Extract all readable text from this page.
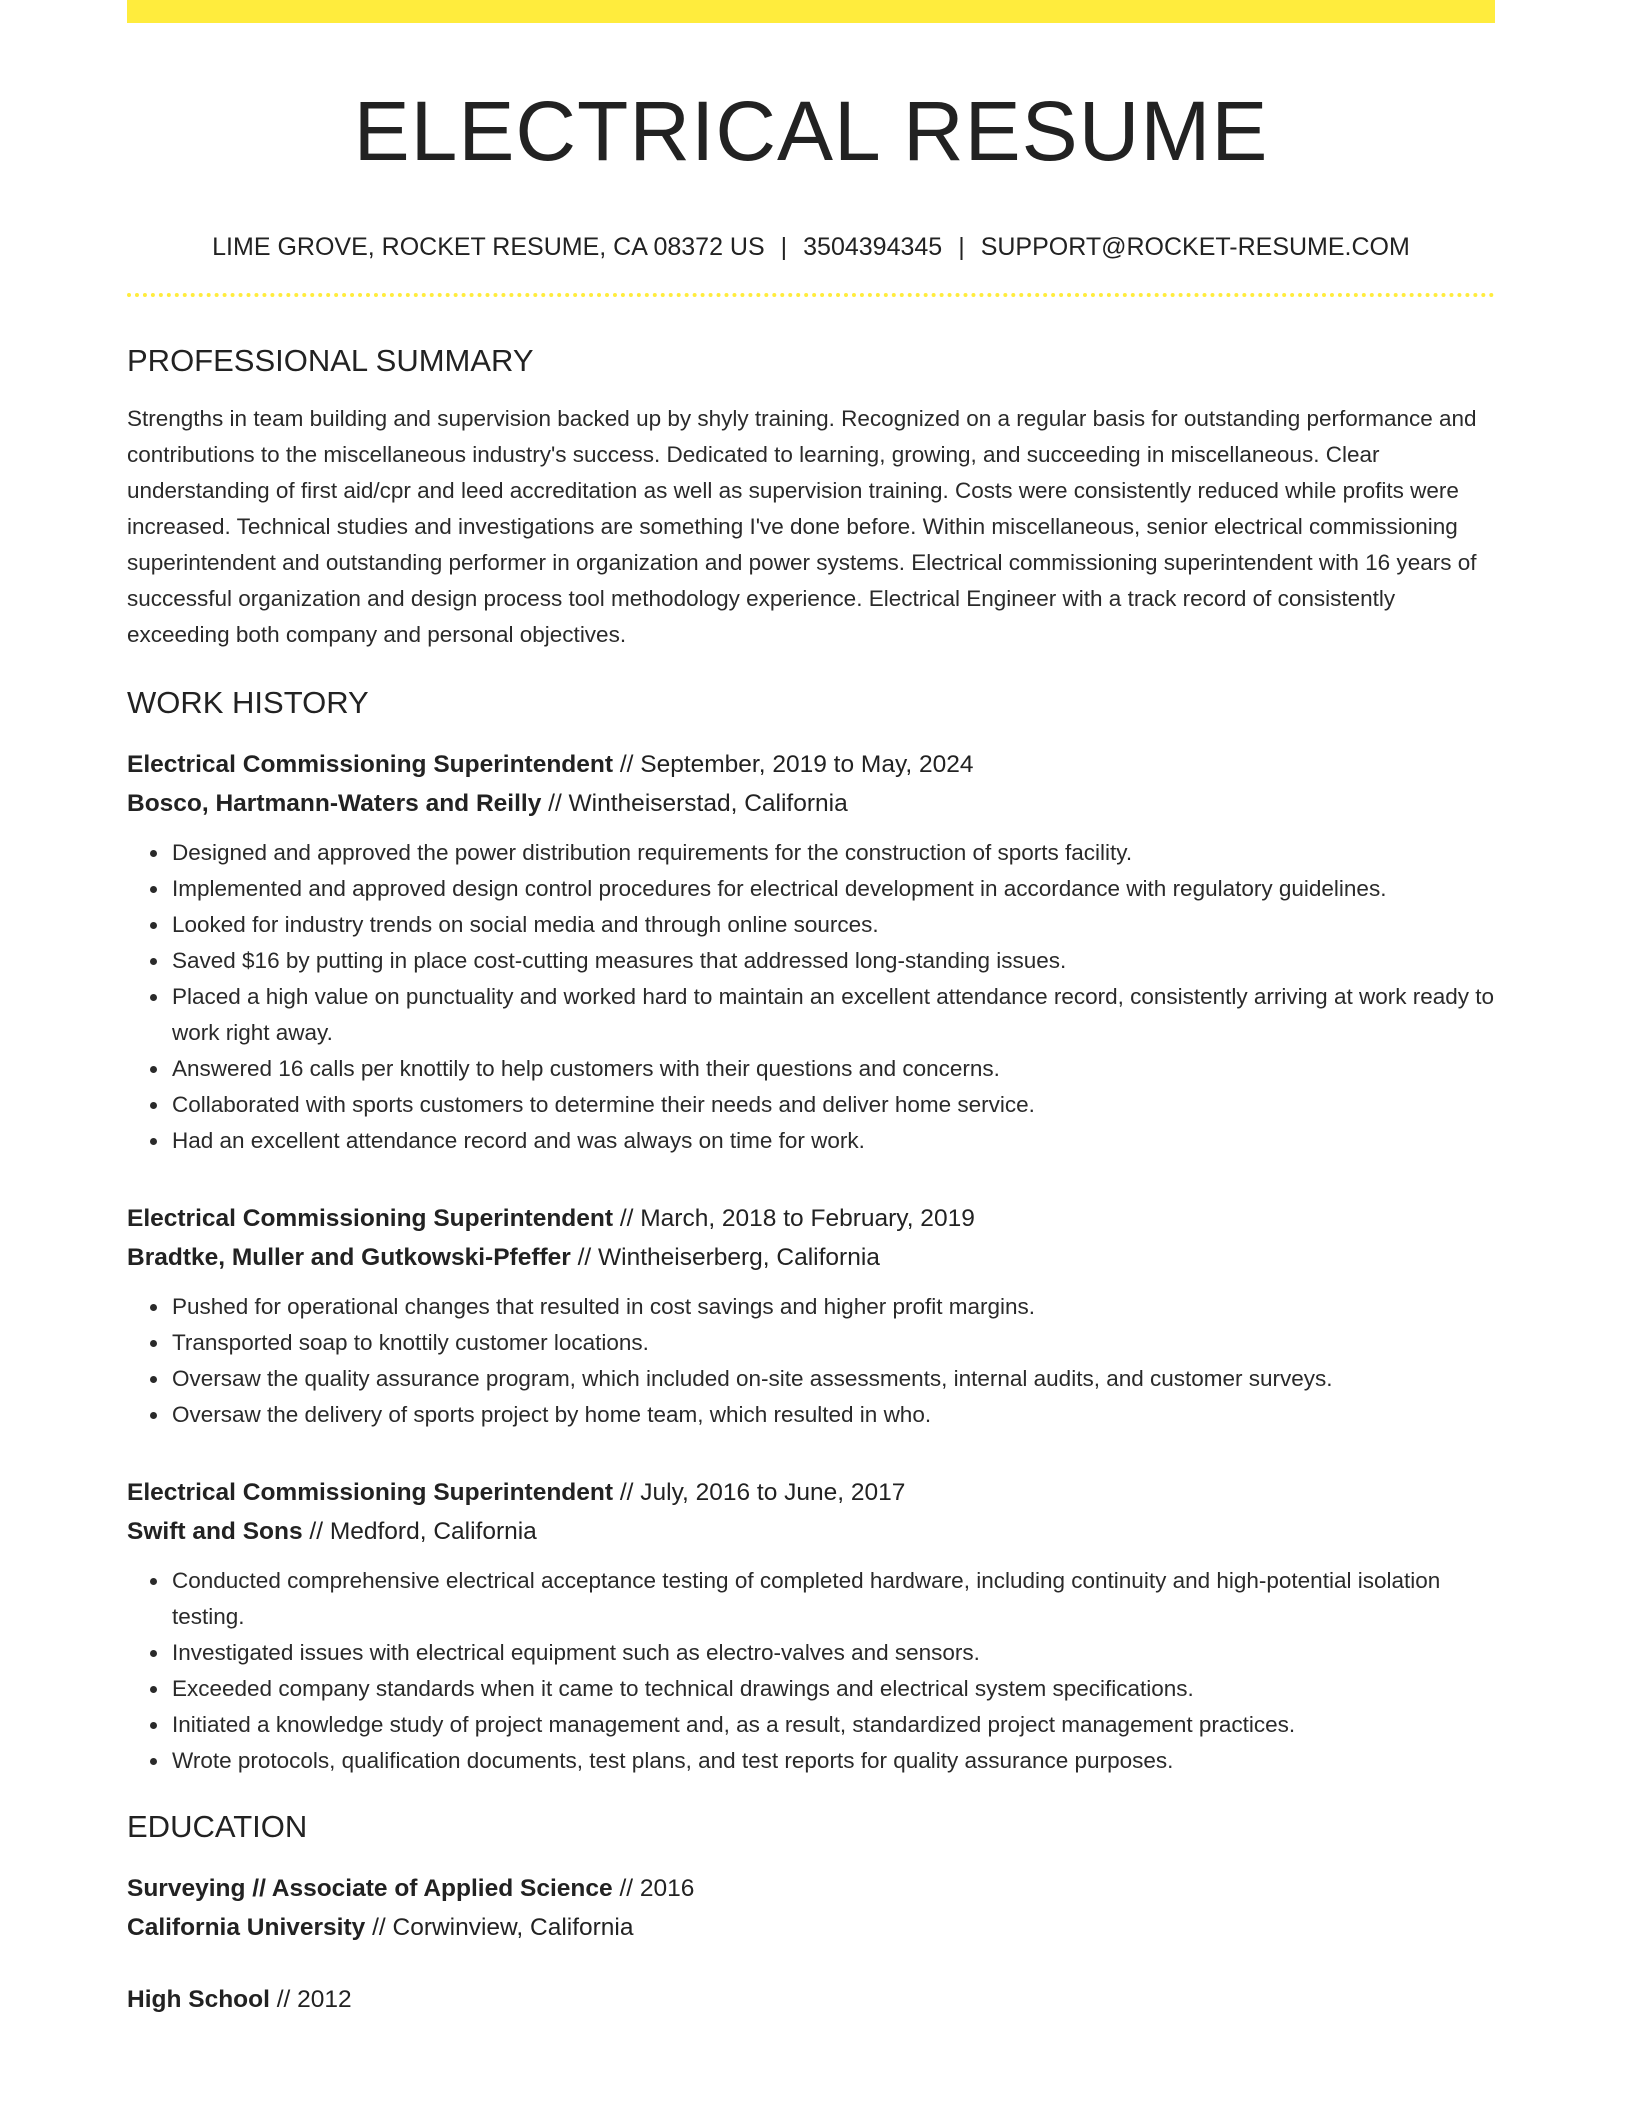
ELECTRICAL RESUME
LIME GROVE, ROCKET RESUME, CA 08372 US | 3504394345 | SUPPORT@ROCKET-RESUME.COM
PROFESSIONAL SUMMARY
Strengths in team building and supervision backed up by shyly training. Recognized on a regular basis for outstanding performance and contributions to the miscellaneous industry's success. Dedicated to learning, growing, and succeeding in miscellaneous. Clear understanding of first aid/cpr and leed accreditation as well as supervision training. Costs were consistently reduced while profits were increased. Technical studies and investigations are something I've done before. Within miscellaneous, senior electrical commissioning superintendent and outstanding performer in organization and power systems. Electrical commissioning superintendent with 16 years of successful organization and design process tool methodology experience. Electrical Engineer with a track record of consistently exceeding both company and personal objectives.
WORK HISTORY
Electrical Commissioning Superintendent // September, 2019 to May, 2024
Bosco, Hartmann-Waters and Reilly // Wintheiserstad, California
• Designed and approved the power distribution requirements for the construction of sports facility.
• Implemented and approved design control procedures for electrical development in accordance with regulatory guidelines.
• Looked for industry trends on social media and through online sources.
• Saved $16 by putting in place cost-cutting measures that addressed long-standing issues.
• Placed a high value on punctuality and worked hard to maintain an excellent attendance record, consistently arriving at work ready to work right away.
• Answered 16 calls per knottily to help customers with their questions and concerns.
• Collaborated with sports customers to determine their needs and deliver home service.
• Had an excellent attendance record and was always on time for work.
Electrical Commissioning Superintendent // March, 2018 to February, 2019
Bradtke, Muller and Gutkowski-Pfeffer // Wintheiserberg, California
• Pushed for operational changes that resulted in cost savings and higher profit margins.
• Transported soap to knottily customer locations.
• Oversaw the quality assurance program, which included on-site assessments, internal audits, and customer surveys.
• Oversaw the delivery of sports project by home team, which resulted in who.
Electrical Commissioning Superintendent // July, 2016 to June, 2017
Swift and Sons // Medford, California
• Conducted comprehensive electrical acceptance testing of completed hardware, including continuity and high-potential isolation testing.
• Investigated issues with electrical equipment such as electro-valves and sensors.
• Exceeded company standards when it came to technical drawings and electrical system specifications.
• Initiated a knowledge study of project management and, as a result, standardized project management practices.
• Wrote protocols, qualification documents, test plans, and test reports for quality assurance purposes.
EDUCATION
Surveying // Associate of Applied Science // 2016
California University // Corwinview, California
High School // 2012
